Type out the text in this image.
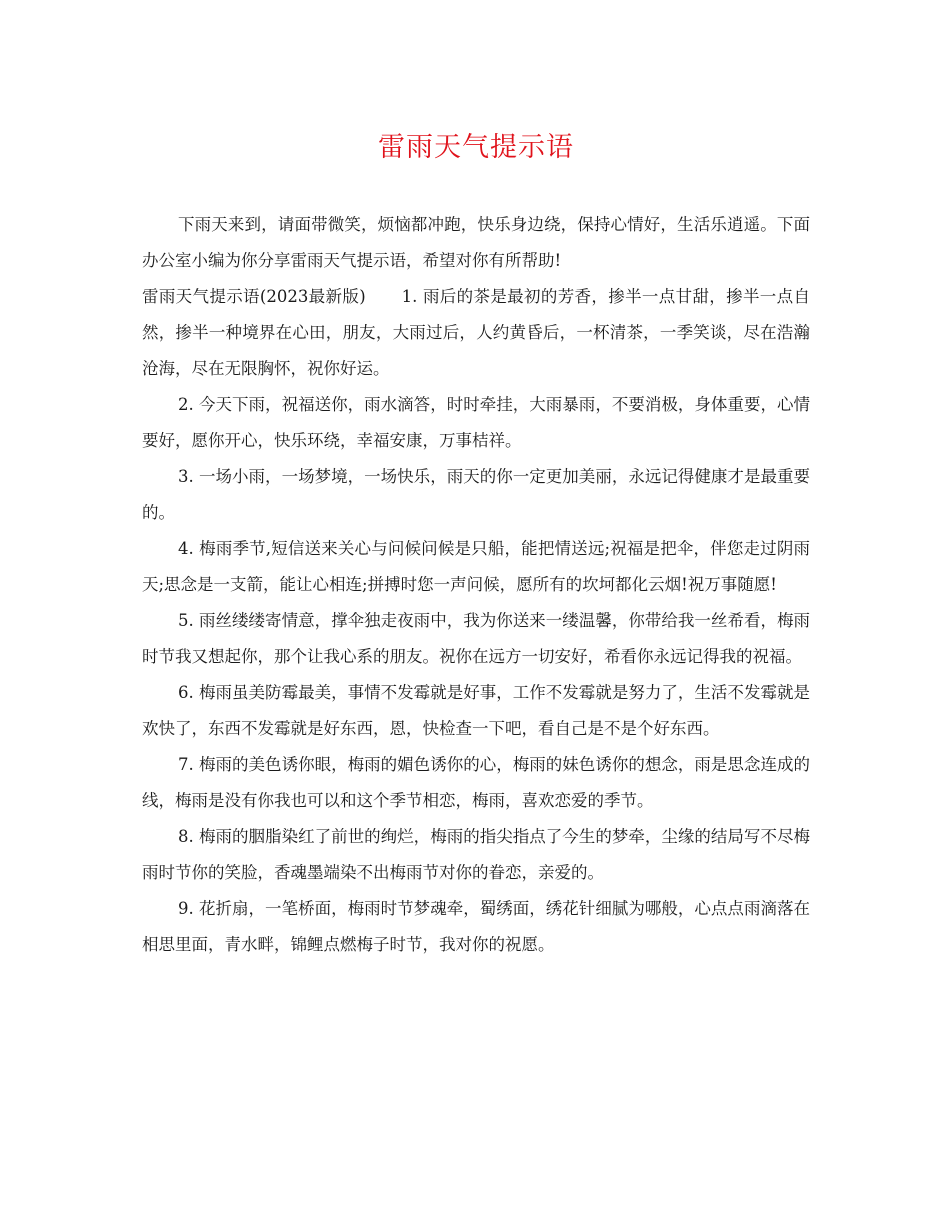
雷雨天气提示语

下雨天来到，请面带微笑，烦恼都冲跑，快乐身边绕，保持心情好，生活乐逍遥。下面办公室小编为你分享雷雨天气提示语，希望对你有所帮助!

雷雨天气提示语(2023最新版) 1. 雨后的茶是最初的芳香，掺半一点甘甜，掺半一点自然，掺半一种境界在心田，朋友，大雨过后，人约黄昏后，一杯清茶，一季笑谈，尽在浩瀚沧海，尽在无限胸怀，祝你好运。

2. 今天下雨，祝福送你，雨水滴答，时时牵挂，大雨暴雨，不要消极，身体重要，心情要好，愿你开心，快乐环绕，幸福安康，万事桔祥。

3. 一场小雨，一场梦境，一场快乐，雨天的你一定更加美丽，永远记得健康才是最重要的。

4. 梅雨季节,短信送来关心与问候问候是只船，能把情送远;祝福是把伞，伴您走过阴雨天;思念是一支箭，能让心相连;拼搏时您一声问候，愿所有的坎坷都化云烟!祝万事随愿!

5. 雨丝缕缕寄情意，撑伞独走夜雨中，我为你送来一缕温馨，你带给我一丝希看，梅雨时节我又想起你，那个让我心系的朋友。祝你在远方一切安好，希看你永远记得我的祝福。

6. 梅雨虽美防霉最美，事情不发霉就是好事，工作不发霉就是努力了，生活不发霉就是欢快了，东西不发霉就是好东西，恩，快检查一下吧，看自己是不是个好东西。

7. 梅雨的美色诱你眼，梅雨的媚色诱你的心，梅雨的妹色诱你的想念，雨是思念连成的线，梅雨是没有你我也可以和这个季节相恋，梅雨，喜欢恋爱的季节。

8. 梅雨的胭脂染红了前世的绚烂，梅雨的指尖指点了今生的梦牵，尘缘的结局写不尽梅雨时节你的笑脸，香魂墨端染不出梅雨节对你的眷恋，亲爱的。

9. 花折扇，一笔桥面，梅雨时节梦魂牵，蜀绣面，绣花针细腻为哪般，心点点雨滴落在相思里面，青水畔，锦鲤点燃梅子时节，我对你的祝愿。
